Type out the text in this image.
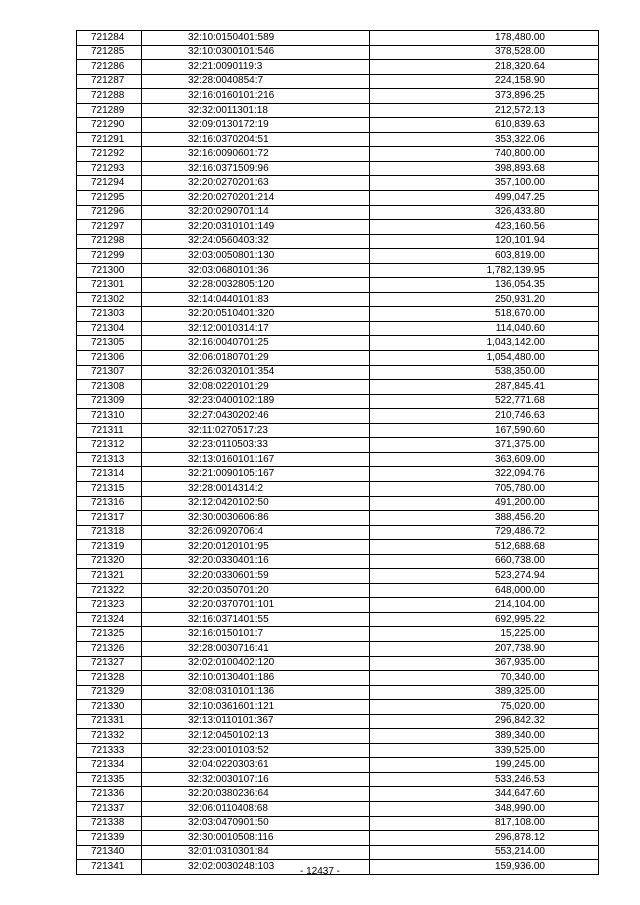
721284	32:10:0150401:589	178,480.00
721285	32:10:0300101:546	378,528.00
721286	32:21:0090119:3	218,320.64
721287	32:28:0040854:7	224,158.90
721288	32:16:0160101:216	373,896.25
721289	32:32:0011301:18	212,572.13
721290	32:09:0130172:19	610,839.63
721291	32:16:0370204:51	353,322.06
721292	32:16:0090601:72	740,800.00
721293	32:16:0371509:96	398,893.68
721294	32:20:0270201:63	357,100.00
721295	32:20:0270201:214	499,047.25
721296	32:20:0290701:14	326,433.80
721297	32:20:0310101:149	423,160.56
721298	32:24:0560403:32	120,101.94
721299	32:03:0050801:130	603,819.00
721300	32:03:0680101:36	1,782,139.95
721301	32:28:0032805:120	136,054.35
721302	32:14:0440101:83	250,931.20
721303	32:20:0510401:320	518,670.00
721304	32:12:0010314:17	114,040.60
721305	32:16:0040701:25	1,043,142.00
721306	32:06:0180701:29	1,054,480.00
721307	32:26:0320101:354	538,350.00
721308	32:08:0220101:29	287,845.41
721309	32:23:0400102:189	522,771.68
721310	32:27:0430202:46	210,746.63
721311	32:11:0270517:23	167,590.60
721312	32:23:0110503:33	371,375.00
721313	32:13:0160101:167	363,609.00
721314	32:21:0090105:167	322,094.76
721315	32:28:0014314:2	705,780.00
721316	32:12:0420102:50	491,200.00
721317	32:30:0030606:86	388,456.20
721318	32:26:0920706:4	729,486.72
721319	32:20:0120101:95	512,688.68
721320	32:20:0330401:16	660,738.00
721321	32:20:0330601:59	523,274.94
721322	32:20:0350701:20	648,000.00
721323	32:20:0370701:101	214,104.00
721324	32:16:0371401:55	692,995.22
721325	32:16:0150101:7	15,225.00
721326	32:28:0030716:41	207,738.90
721327	32:02:0100402:120	367,935.00
721328	32:10:0130401:186	70,340.00
721329	32:08:0310101:136	389,325.00
721330	32:10:0361601:121	75,020.00
721331	32:13:0110101:367	296,842.32
721332	32:12:0450102:13	389,340.00
721333	32:23:0010103:52	339,525.00
721334	32:04:0220303:61	199,245.00
721335	32:32:0030107:16	533,246.53
721336	32:20:0380236:64	344,647.60
721337	32:06:0110408:68	348,990.00
721338	32:03:0470901:50	817,108.00
721339	32:30:0010508:116	296,878.12
721340	32:01:0310301:84	553,214.00
721341	32:02:0030248:103	159,936.00
- 12437 -
